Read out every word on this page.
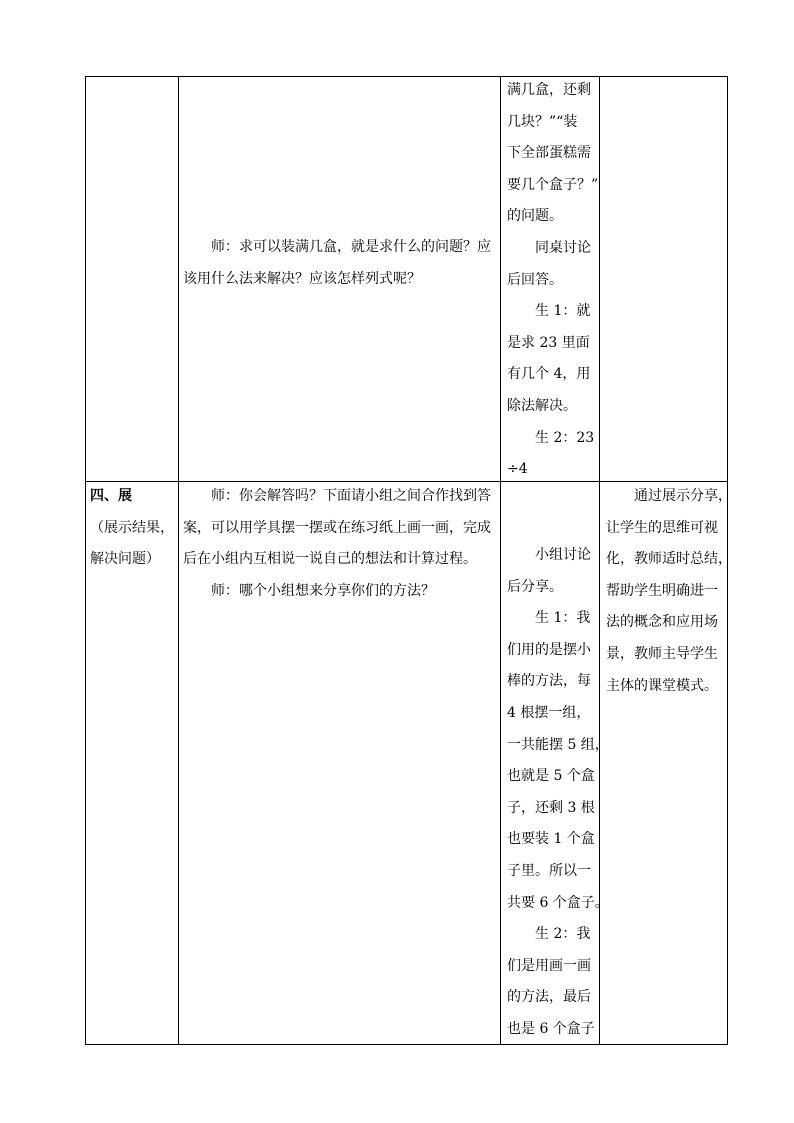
师：求可以装满几盒，就是求什么的问题？应
该用什么法来解决？应该怎样列式呢？
满几盒，还剩
几块？”“装
下全部蛋糕需
要几个盒子？”
的问题。
同桌讨论
后回答。
生 1：就
是求 23 里面
有几个 4，用
除法解决。
生 2：23
÷4
四、展
（展示结果，
解决问题）
师：你会解答吗？下面请小组之间合作找到答
案，可以用学具摆一摆或在练习纸上画一画，完成
后在小组内互相说一说自己的想法和计算过程。
师：哪个小组想来分享你们的方法？
小组讨论
后分享。
生 1：我
们用的是摆小
棒的方法，每
4 根摆一组，
一共能摆 5 组，
也就是 5 个盒
子，还剩 3 根
也要装 1 个盒
子里。所以一
共要 6 个盒子。
生 2：我
们是用画一画
的方法，最后
也是 6 个盒子
通过展示分享，
让学生的思维可视
化，教师适时总结，
帮助学生明确进一
法的概念和应用场
景，教师主导学生
主体的课堂模式。
